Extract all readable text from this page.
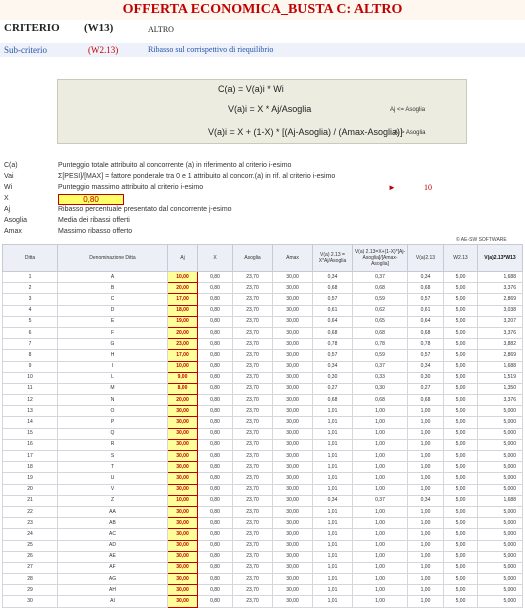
OFFERTA ECONOMICA_BUSTA C: ALTRO
CRITERIO (W13)	ALTRO
Sub-criterio	(W2.13)	Ribasso sul corrispettivo di riequilibrio
C(a) = V(a)i * Wi
V(a)i = X * Aj/Asoglia	Aj <= Asoglia
V(a)i = X + (1-X) * [(Aj-Asoglia) / (Amax-Asoglia)]
Aj > Asoglia
C(a)	Punteggio totale attribuito al concorrente (a) in riferimento al criterio i-esimo
Vai	Σ[PESI]/[MAX] = fattore ponderale tra 0 e 1 attribuito al concorr.(a) in rif. al criterio i-esimo
Wi	Punteggio massimo attribuito al criterio i-esimo
X	0,80
Aj	Ribasso percentuale presentato dal concorrente j-esimo
Asoglia	Media dei ribassi offerti
Amax	Massimo ribasso offerto
►	10
© AE-SW SOFTWARE
Ditta	Denominazione Ditta	Aj	X	Asoglia	Amax	V(a) 2.13 = X*Aj/Asoglia	V(a) 2.13=X+(1-X)*[Aj-Asoglia]/[Amax-Asoglia]	V(a)2.13	W2.13	V(a)2.13*W13
1	A	10,00	0,80	23,70	30,00	0,34	0,37	0,34	5,00	1,688
2	B	20,00	0,80	23,70	30,00	0,68	0,68	0,68	5,00	3,376
3	C	17,00	0,80	23,70	30,00	0,57	0,59	0,57	5,00	2,869
4	D	18,00	0,80	23,70	30,00	0,61	0,62	0,61	5,00	3,038
5	E	19,00	0,80	23,70	30,00	0,64	0,65	0,64	5,00	3,207
6	F	20,00	0,80	23,70	30,00	0,68	0,68	0,68	5,00	3,376
7	G	23,00	0,80	23,70	30,00	0,78	0,78	0,78	5,00	3,882
8	H	17,00	0,80	23,70	30,00	0,57	0,59	0,57	5,00	2,869
9	I	10,00	0,80	23,70	30,00	0,34	0,37	0,34	5,00	1,688
10	L	9,00	0,80	23,70	30,00	0,30	0,33	0,30	5,00	1,519
11	M	8,00	0,80	23,70	30,00	0,27	0,30	0,27	5,00	1,350
12	N	20,00	0,80	23,70	30,00	0,68	0,68	0,68	5,00	3,376
13	O	30,00	0,80	23,70	30,00	1,01	1,00	1,00	5,00	5,000
14	P	30,00	0,80	23,70	30,00	1,01	1,00	1,00	5,00	5,000
15	Q	30,00	0,80	23,70	30,00	1,01	1,00	1,00	5,00	5,000
16	R	30,00	0,80	23,70	30,00	1,01	1,00	1,00	5,00	5,000
17	S	30,00	0,80	23,70	30,00	1,01	1,00	1,00	5,00	5,000
18	T	30,00	0,80	23,70	30,00	1,01	1,00	1,00	5,00	5,000
19	U	30,00	0,80	23,70	30,00	1,01	1,00	1,00	5,00	5,000
20	V	30,00	0,80	23,70	30,00	1,01	1,00	1,00	5,00	5,000
21	Z	10,00	0,80	23,70	30,00	0,34	0,37	0,34	5,00	1,688
22	AA	30,00	0,80	23,70	30,00	1,01	1,00	1,00	5,00	5,000
23	AB	30,00	0,80	23,70	30,00	1,01	1,00	1,00	5,00	5,000
24	AC	30,00	0,80	23,70	30,00	1,01	1,00	1,00	5,00	5,000
25	AD	30,00	0,80	23,70	30,00	1,01	1,00	1,00	5,00	5,000
26	AE	30,00	0,80	23,70	30,00	1,01	1,00	1,00	5,00	5,000
27	AF	30,00	0,80	23,70	30,00	1,01	1,00	1,00	5,00	5,000
28	AG	30,00	0,80	23,70	30,00	1,01	1,00	1,00	5,00	5,000
29	AH	30,00	0,80	23,70	30,00	1,01	1,00	1,00	5,00	5,000
30	AI	30,00	0,80	23,70	30,00	1,01	1,00	1,00	5,00	5,000
